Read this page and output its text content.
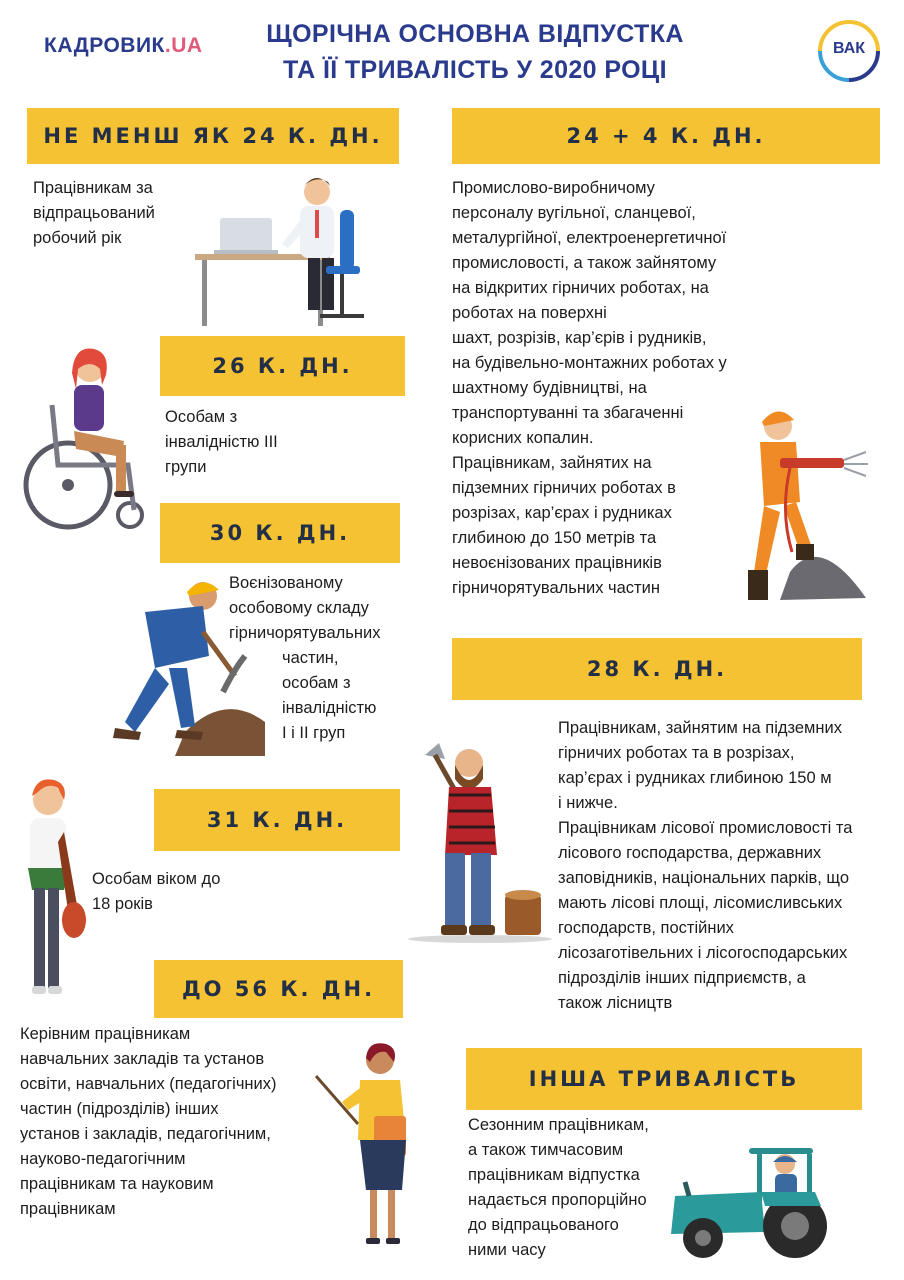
КАДРОВИК.UA	ЩОРІЧНА ОСНОВНА ВІДПУСТКА
ТА ЇЇ ТРИВАЛІСТЬ У 2020 РОЦІ
ВАК
НЕ МЕНШ ЯК 24 К. ДН.
Працівникам за
відпрацьований
робочий рік
26 К. ДН.
Особам з
інвалідністю ІІІ
групи
30 К. ДН.
Воєнізованому
особовому складу
гірничорятувальних
частин,
особам з
інвалідністю
І і ІІ груп
31 К. ДН.
Особам віком до
18 років
ДО 56 К. ДН.
Керівним працівникам
навчальних закладів та установ
освіти, навчальних (педагогічних)
частин (підрозділів) інших
установ і закладів, педагогічним,
науково-педагогічним
працівникам та науковим
працівникам
24 + 4 К. ДН.
Промислово-виробничому
персоналу вугільної, сланцевої,
металургійної, електроенергетичної
промисловості, а також зайнятому
на відкритих гірничих роботах, на
роботах на поверхні
шахт, розрізів, кар’єрів і рудників,
на будівельно-монтажних роботах у
шахтному будівництві, на
транспортуванні та збагаченні
корисних копалин.
Працівникам, зайнятих на
підземних гірничих роботах в
розрізах, кар’єрах і рудниках
глибиною до 150 метрів та
невоєнізованих працівників
гірничорятувальних частин
28 К. ДН.
Працівникам, зайнятим на підземних
гірничих роботах та в розрізах,
кар’єрах і рудниках глибиною 150 м
і нижче.
Працівникам лісової промисловості та
лісового господарства, державних
заповідників, національних парків, що
мають лісові площі, лісомисливських
господарств, постійних
лісозаготівельних і лісогосподарських
підрозділів інших підприємств, а
також лісництв
ІНША ТРИВАЛІСТЬ
Сезонним працівникам,
а також тимчасовим
працівникам відпустка
надається пропорційно
до відпрацьованого
ними часу
